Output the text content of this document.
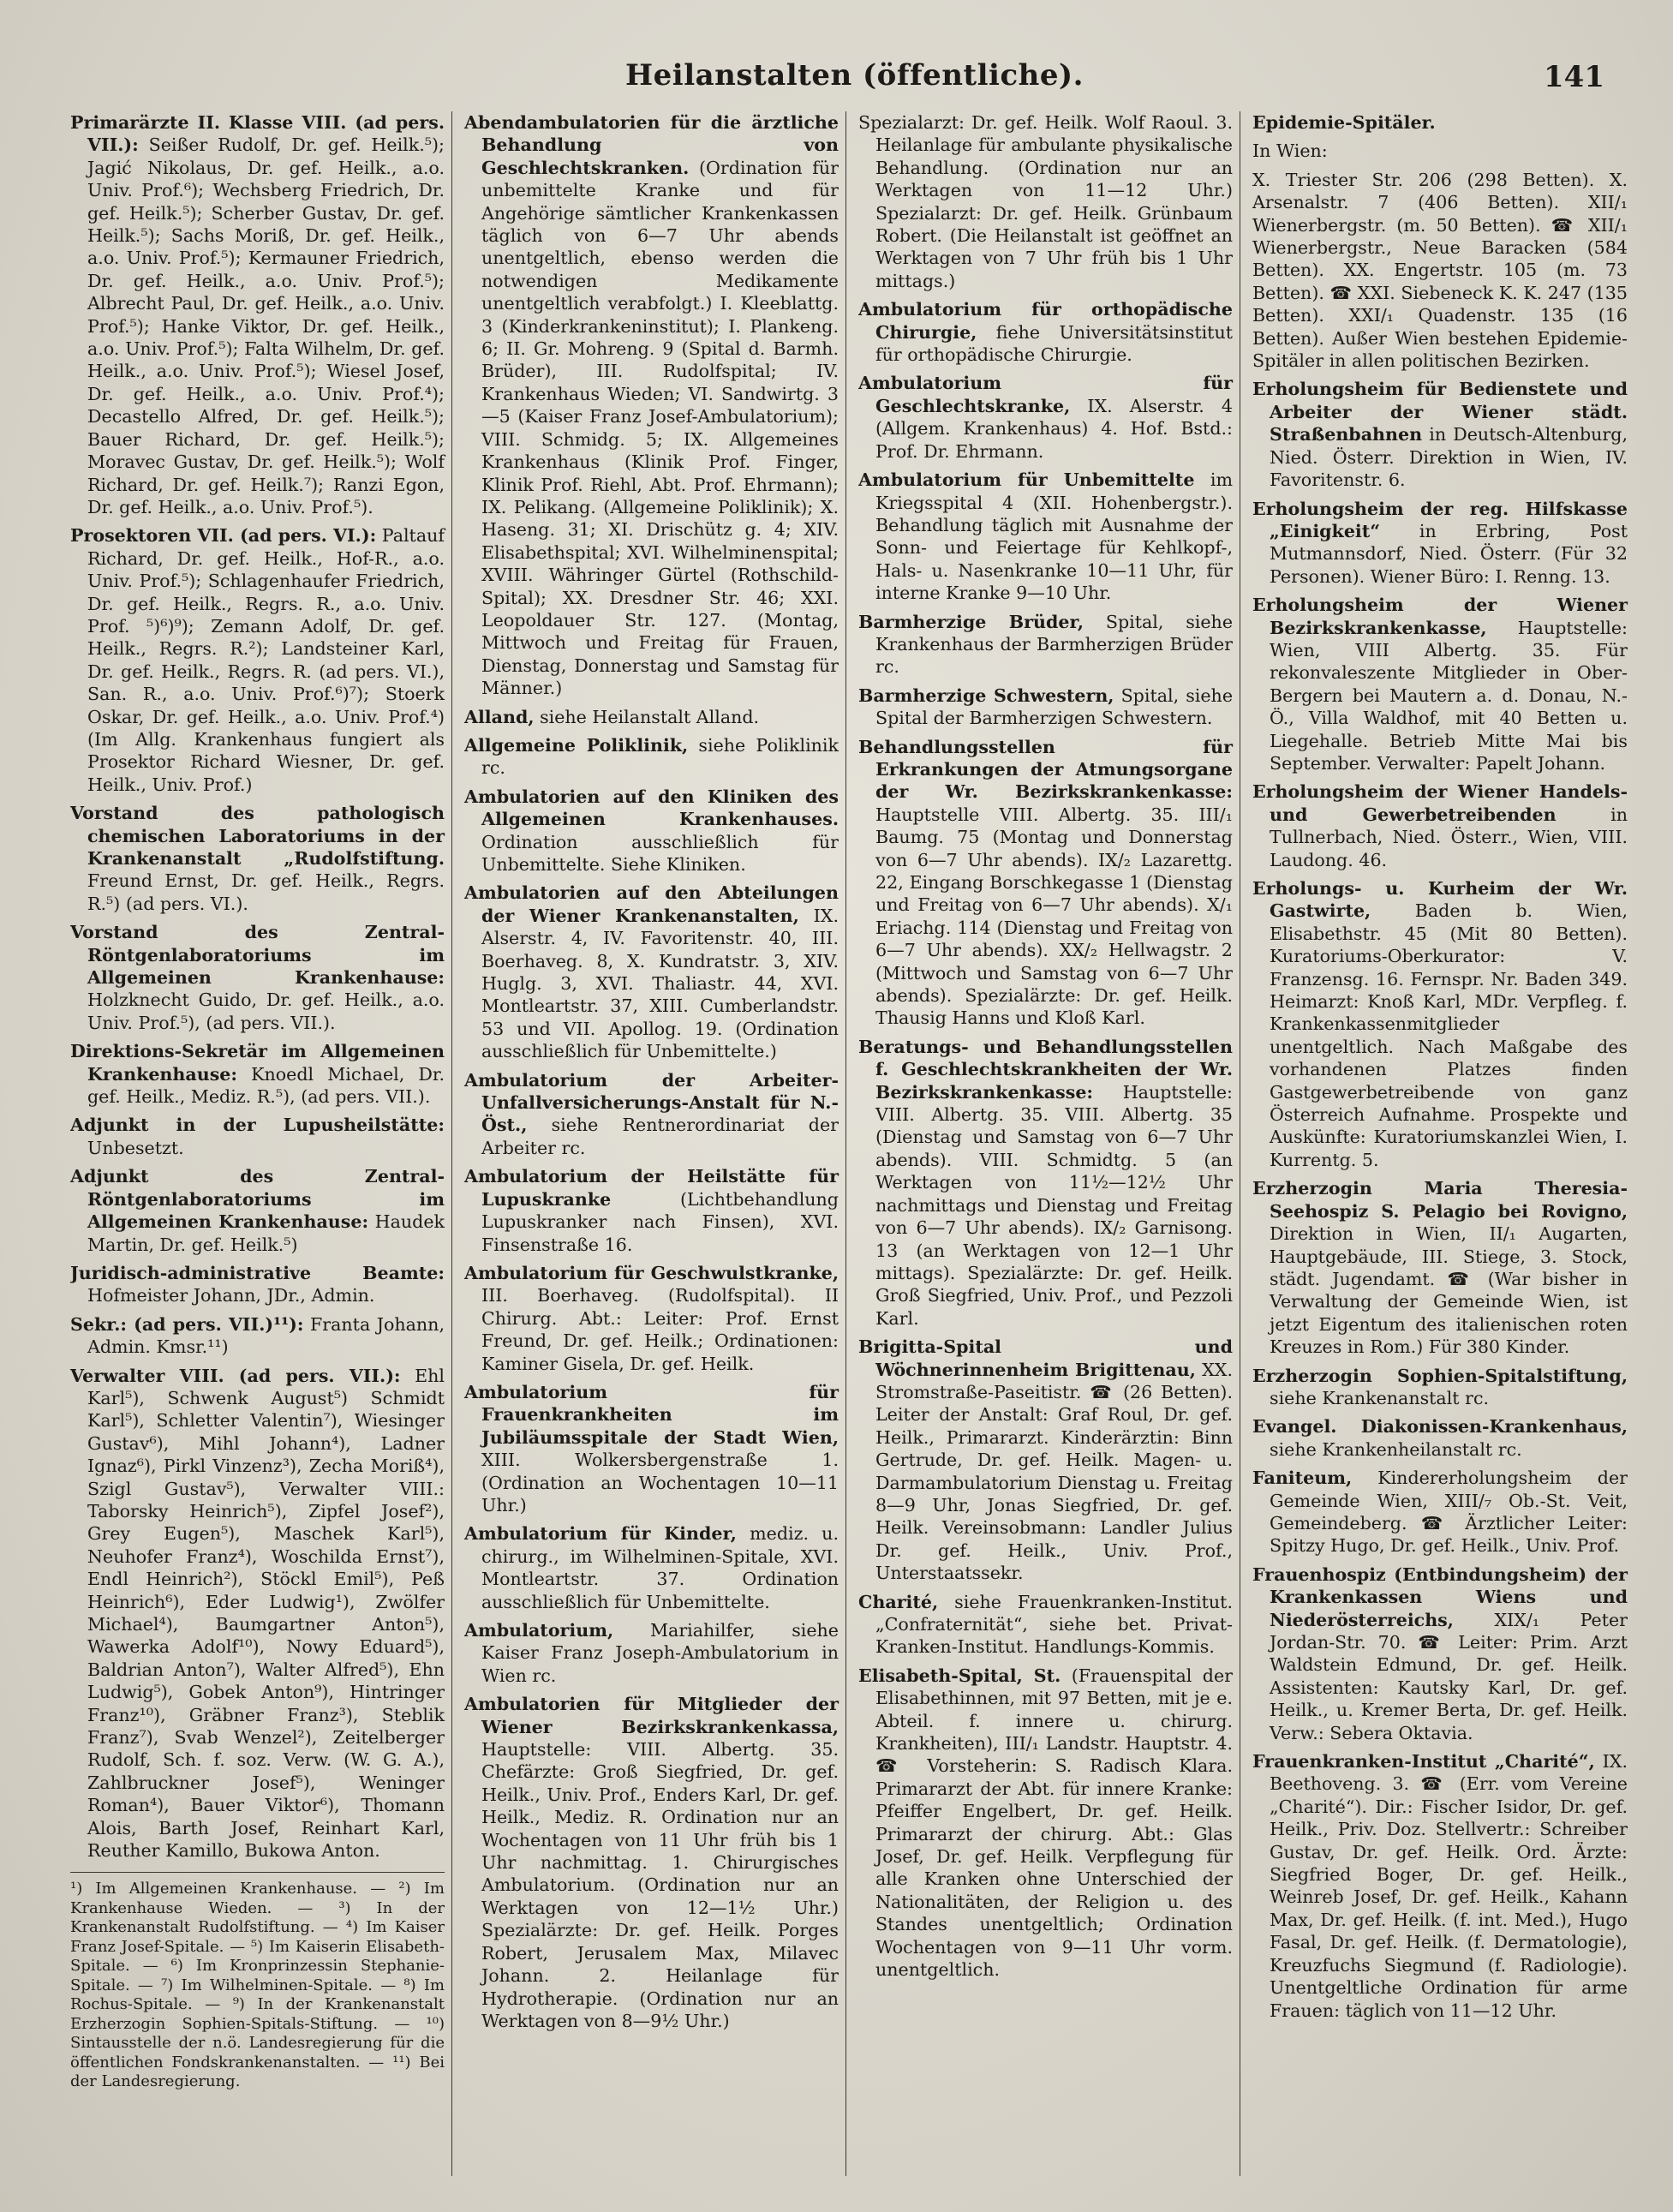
Heilanstalten (öffentliche).	141
Primarärzte II. Klasse VIII. (ad pers. VII.): Seißer Rudolf, Dr. gef. Heilk.⁵); Jagić Nikolaus, Dr. gef. Heilk., a.o. Univ. Prof.⁶); Wechsberg Friedrich, Dr. gef. Heilk.⁵); Scherber Gustav, Dr. gef. Heilk.⁵); Sachs Moriß, Dr. gef. Heilk., a.o. Univ. Prof.⁵); Kermauner Friedrich, Dr. gef. Heilk., a.o. Univ. Prof.⁵); Albrecht Paul, Dr. gef. Heilk., a.o. Univ. Prof.⁵); Hanke Viktor, Dr. gef. Heilk., a.o. Univ. Prof.⁵); Falta Wilhelm, Dr. gef. Heilk., a.o. Univ. Prof.⁵); Wiesel Josef, Dr. gef. Heilk., a.o. Univ. Prof.⁴); Decastello Alfred, Dr. gef. Heilk.⁵); Bauer Richard, Dr. gef. Heilk.⁵); Moravec Gustav, Dr. gef. Heilk.⁵); Wolf Richard, Dr. gef. Heilk.⁷); Ranzi Egon, Dr. gef. Heilk., a.o. Univ. Prof.⁵).
Prosektoren VII. (ad pers. VI.): Paltauf Richard, Dr. gef. Heilk., Hof-R., a.o. Univ. Prof.⁵); Schlagenhaufer Friedrich, Dr. gef. Heilk., Regrs. R., a.o. Univ. Prof. ⁵)⁶)⁹); Zemann Adolf, Dr. gef. Heilk., Regrs. R.²); Landsteiner Karl, Dr. gef. Heilk., Regrs. R. (ad pers. VI.), San. R., a.o. Univ. Prof.⁶)⁷); Stoerk Oskar, Dr. gef. Heilk., a.o. Univ. Prof.⁴) (Im Allg. Krankenhaus fungiert als Prosektor Richard Wiesner, Dr. gef. Heilk., Univ. Prof.)
Vorstand des pathologisch chemischen Laboratoriums in der Krankenanstalt „Rudolfstiftung. Freund Ernst, Dr. gef. Heilk., Regrs. R.⁵) (ad pers. VI.).
Vorstand des Zentral-Röntgenlaboratoriums im Allgemeinen Krankenhause: Holzknecht Guido, Dr. gef. Heilk., a.o. Univ. Prof.⁵), (ad pers. VII.).
Direktions-Sekretär im Allgemeinen Krankenhause: Knoedl Michael, Dr. gef. Heilk., Mediz. R.⁵), (ad pers. VII.).
Adjunkt in der Lupusheilstätte: Unbesetzt.
Adjunkt des Zentral-Röntgenlaboratoriums im Allgemeinen Krankenhause: Haudek Martin, Dr. gef. Heilk.⁵)
Juridisch-administrative Beamte: Hofmeister Johann, JDr., Admin.
Sekr.: (ad pers. VII.)¹¹): Franta Johann, Admin. Kmsr.¹¹)
Verwalter VIII. (ad pers. VII.): Ehl Karl⁵), Schwenk August⁵) Schmidt Karl⁵), Schletter Valentin⁷), Wiesinger Gustav⁶), Mihl Johann⁴), Ladner Ignaz⁶), Pirkl Vinzenz³), Zecha Moriß⁴), Szigl Gustav⁵), Verwalter VIII.: Taborsky Heinrich⁵), Zipfel Josef²), Grey Eugen⁵), Maschek Karl⁵), Neuhofer Franz⁴), Woschilda Ernst⁷), Endl Heinrich²), Stöckl Emil⁵), Peß Heinrich⁶), Eder Ludwig¹), Zwölfer Michael⁴), Baumgartner Anton⁵), Wawerka Adolf¹⁰), Nowy Eduard⁵), Baldrian Anton⁷), Walter Alfred⁵), Ehn Ludwig⁵), Gobek Anton⁹), Hintringer Franz¹⁰), Gräbner Franz³), Steblik Franz⁷), Svab Wenzel²), Zeitelberger Rudolf, Sch. f. soz. Verw. (W. G. A.), Zahlbruckner Josef⁵), Weninger Roman⁴), Bauer Viktor⁶), Thomann Alois, Barth Josef, Reinhart Karl, Reuther Kamillo, Bukowa Anton.

¹) Im Allgemeinen Krankenhause. — ²) Im Krankenhause Wieden. — ³) In der Krankenanstalt Rudolfstiftung. — ⁴) Im Kaiser Franz Josef-Spitale. — ⁵) Im Kaiserin Elisabeth-Spitale. — ⁶) Im Kronprinzessin Stephanie-Spitale. — ⁷) Im Wilhelminen-Spitale. — ⁸) Im Rochus-Spitale. — ⁹) In der Krankenanstalt Erzherzogin Sophien-Spitals-Stiftung. — ¹⁰) Sintausstelle der n.ö. Landesregierung für die öffentlichen Fondskrankenanstalten. — ¹¹) Bei der Landesregierung.

Abendambulatorien für die ärztliche Behandlung von Geschlechtskranken. (Ordination für unbemittelte Kranke und für Angehörige sämtlicher Krankenkassen täglich von 6—7 Uhr abends unentgeltlich, ebenso werden die notwendigen Medikamente unentgeltlich verabfolgt.) I. Kleeblattg. 3 (Kinderkrankeninstitut); I. Plankeng. 6; II. Gr. Mohreng. 9 (Spital d. Barmh. Brüder), III. Rudolfspital; IV. Krankenhaus Wieden; VI. Sandwirtg. 3—5 (Kaiser Franz Josef-Ambulatorium); VIII. Schmidg. 5; IX. Allgemeines Krankenhaus (Klinik Prof. Finger, Klinik Prof. Riehl, Abt. Prof. Ehrmann); IX. Pelikang. (Allgemeine Poliklinik); X. Haseng. 31; XI. Drischütz g. 4; XIV. Elisabethspital; XVI. Wilhelminenspital; XVIII. Währinger Gürtel (Rothschild-Spital); XX. Dresdner Str. 46; XXI. Leopoldauer Str. 127. (Montag, Mittwoch und Freitag für Frauen, Dienstag, Donnerstag und Samstag für Männer.)
Alland, siehe Heilanstalt Alland.
Allgemeine Poliklinik, siehe Poliklinik rc.
Ambulatorien auf den Kliniken des Allgemeinen Krankenhauses. Ordination ausschließlich für Unbemittelte. Siehe Kliniken.
Ambulatorien auf den Abteilungen der Wiener Krankenanstalten, IX. Alserstr. 4, IV. Favoritenstr. 40, III. Boerhaveg. 8, X. Kundratstr. 3, XIV. Huglg. 3, XVI. Thaliastr. 44, XVI. Montleartstr. 37, XIII. Cumberlandstr. 53 und VII. Apollog. 19. (Ordination ausschließlich für Unbemittelte.)
Ambulatorium der Arbeiter-Unfallversicherungs-Anstalt für N.-Öst., siehe Rentnerordinariat der Arbeiter rc.
Ambulatorium der Heilstätte für Lupuskranke	(Lichtbehandlung Lupuskranker nach Finsen), XVI. Finsenstraße 16.
Ambulatorium für Geschwulstkranke, III. Boerhaveg. (Rudolfspital). II Chirurg. Abt.: Leiter: Prof. Ernst Freund, Dr. gef. Heilk.; Ordinationen: Kaminer Gisela, Dr. gef. Heilk.
Ambulatorium für Frauenkrankheiten im Jubiläumsspitale der Stadt Wien, XIII. Wolkersbergenstraße 1. (Ordination an Wochentagen 10—11 Uhr.)
Ambulatorium für Kinder, mediz. u. chirurg., im Wilhelminen-Spitale, XVI. Montleartstr. 37. Ordination ausschließlich für Unbemittelte.
Ambulatorium, Mariahilfer, siehe Kaiser Franz Joseph-Ambulatorium in Wien rc.
Ambulatorien für Mitglieder der Wiener Bezirkskrankenkassa, Hauptstelle: VIII. Albertg. 35. Chefärzte: Groß Siegfried, Dr. gef. Heilk., Univ. Prof., Enders Karl, Dr. gef. Heilk., Mediz. R. Ordination nur an Wochentagen von 11 Uhr früh bis 1 Uhr nachmittag. 1. Chirurgisches Ambulatorium. (Ordination nur an Werktagen von 12—1½ Uhr.) Spezialärzte: Dr. gef. Heilk. Porges Robert, Jerusalem Max, Milavec Johann. 2. Heilanlage für Hydrotherapie. (Ordination nur an Werktagen von 8—9½ Uhr.)
Spezialarzt: Dr. gef. Heilk. Wolf Raoul. 3. Heilanlage für ambulante physikalische Behandlung. (Ordination nur an Werktagen von 11—12 Uhr.) Spezialarzt: Dr. gef. Heilk. Grünbaum Robert. (Die Heilanstalt ist geöffnet an Werktagen von 7 Uhr früh bis 1 Uhr mittags.)
Ambulatorium für orthopädische Chirurgie, fiehe Universitätsinstitut für orthopädische Chirurgie.
Ambulatorium für Geschlechtskranke, IX. Alserstr. 4 (Allgem. Krankenhaus) 4. Hof. Bstd.: Prof. Dr. Ehrmann.
Ambulatorium für Unbemittelte im Kriegsspital 4 (XII. Hohenbergstr.). Behandlung täglich mit Ausnahme der Sonn- und Feiertage für Kehlkopf-, Hals- u. Nasenkranke 10—11 Uhr, für interne Kranke 9—10 Uhr.
Barmherzige Brüder, Spital, siehe Krankenhaus der Barmherzigen Brüder rc.
Barmherzige Schwestern, Spital, siehe Spital der Barmherzigen Schwestern.
Behandlungsstellen für Erkrankungen der Atmungsorgane der Wr. Bezirkskrankenkasse: Hauptstelle VIII. Albertg. 35. III/₁ Baumg. 75 (Montag und Donnerstag von 6—7 Uhr abends). IX/₂ Lazarettg. 22, Eingang Borschkegasse 1 (Dienstag und Freitag von 6—7 Uhr abends). X/₁ Eriachg. 114 (Dienstag und Freitag von 6—7 Uhr abends). XX/₂ Hellwagstr. 2 (Mittwoch und Samstag von 6—7 Uhr abends). Spezialärzte: Dr. gef. Heilk. Thausig Hanns und Kloß Karl.
Beratungs- und Behandlungsstellen f. Geschlechtskrankheiten der Wr. Bezirkskrankenkasse: Hauptstelle: VIII. Albertg. 35. VIII. Albertg. 35 (Dienstag und Samstag von 6—7 Uhr abends). VIII. Schmidtg. 5 (an Werktagen von 11½—12½ Uhr nachmittags und Dienstag und Freitag von 6—7 Uhr abends). IX/₂ Garnisong. 13 (an Werktagen von 12—1 Uhr mittags). Spezialärzte: Dr. gef. Heilk. Groß Siegfried, Univ. Prof., und Pezzoli Karl.
Brigitta-Spital und Wöchnerinnenheim Brigittenau, XX. Stromstraße-Paseitistr. ☎ (26 Betten). Leiter der Anstalt: Graf Roul, Dr. gef. Heilk., Primararzt. Kinderärztin: Binn Gertrude, Dr. gef. Heilk. Magen- u. Darmambulatorium Dienstag u. Freitag 8—9 Uhr, Jonas Siegfried, Dr. gef. Heilk. Vereinsobmann: Landler Julius Dr. gef. Heilk., Univ. Prof., Unterstaatssekr.
Charité, siehe Frauenkranken-Institut. „Confraternität“, siehe bet. Privat-Kranken-Institut. Handlungs-Kommis.
Elisabeth-Spital, St. (Frauenspital der Elisabethinnen, mit 97 Betten, mit je e. Abteil. f. innere u. chirurg. Krankheiten), III/₁ Landstr. Hauptstr. 4. ☎ Vorsteherin: S. Radisch Klara. Primararzt der Abt. für innere Kranke: Pfeiffer Engelbert, Dr. gef. Heilk. Primararzt der chirurg. Abt.: Glas Josef, Dr. gef. Heilk. Verpflegung für alle Kranken ohne Unterschied der Nationalitäten, der Religion u. des Standes unentgeltlich; Ordination Wochentagen von 9—11 Uhr vorm. unentgeltlich.
Epidemie-Spitäler.
In Wien:
X. Triester Str. 206 (298 Betten). X. Arsenalstr. 7 (406 Betten). XII/₁ Wienerbergstr. (m. 50 Betten). ☎ XII/₁ Wienerbergstr., Neue Baracken (584 Betten). XX. Engertstr. 105 (m. 73 Betten). ☎ XXI. Siebeneck K. K. 247 (135 Betten). XXI/₁ Quadenstr. 135 (16 Betten). Außer Wien bestehen Epidemie-Spitäler in allen politischen Bezirken.
Erholungsheim für Bedienstete und Arbeiter der Wiener städt. Straßenbahnen in Deutsch-Altenburg, Nied. Österr. Direktion in Wien, IV. Favoritenstr. 6.
Erholungsheim der reg. Hilfskasse „Einigkeit“ in Erbring, Post Mutmannsdorf, Nied. Österr. (Für 32 Personen). Wiener Büro: I. Renng. 13.
Erholungsheim der Wiener Bezirkskrankenkasse, Hauptstelle: Wien, VIII Albertg. 35. Für rekonvaleszente Mitglieder in Ober-Bergern bei Mautern a. d. Donau, N.-Ö., Villa Waldhof, mit 40 Betten u. Liegehalle. Betrieb Mitte Mai bis September. Verwalter: Papelt Johann.
Erholungsheim der Wiener Handels- und Gewerbetreibenden	in Tullnerbach, Nied. Österr., Wien, VIII. Laudong. 46.
Erholungs- u. Kurheim der Wr. Gastwirte,	Baden b. Wien, Elisabethstr. 45 (Mit 80 Betten). Kuratoriums-Oberkurator: V. Franzensg. 16. Fernspr. Nr. Baden 349. Heimarzt: Knoß Karl, MDr. Verpfleg. f. Krankenkassenmitglieder unentgeltlich. Nach Maßgabe des vorhandenen Platzes finden Gastgewerbetreibende von ganz Österreich Aufnahme. Prospekte und Auskünfte: Kuratoriumskanzlei Wien, I. Kurrentg. 5.
Erzherzogin Maria Theresia-Seehospiz S. Pelagio bei Rovigno, Direktion in Wien, II/₁ Augarten, Hauptgebäude, III. Stiege, 3. Stock, städt. Jugendamt. ☎ (War bisher in Verwaltung der Gemeinde Wien, ist jetzt Eigentum des italienischen roten Kreuzes in Rom.) Für 380 Kinder.
Erzherzogin Sophien-Spitalstiftung, siehe Krankenanstalt rc.
Evangel. Diakonissen-Krankenhaus, siehe Krankenheilanstalt rc.
Faniteum, Kindererholungsheim der Gemeinde Wien, XIII/₇ Ob.-St. Veit, Gemeindeberg. ☎ Ärztlicher Leiter: Spitzy Hugo, Dr. gef. Heilk., Univ. Prof.
Frauenhospiz (Entbindungsheim) der Krankenkassen Wiens und Niederösterreichs, XIX/₁ Peter Jordan-Str. 70. ☎ Leiter: Prim. Arzt Waldstein Edmund, Dr. gef. Heilk. Assistenten: Kautsky Karl, Dr. gef. Heilk., u. Kremer Berta, Dr. gef. Heilk. Verw.: Sebera Oktavia.
Frauenkranken-Institut „Charité“, IX. Beethoveng. 3. ☎ (Err. vom Vereine „Charité“). Dir.: Fischer Isidor, Dr. gef. Heilk., Priv. Doz. Stellvertr.: Schreiber Gustav, Dr. gef. Heilk. Ord. Ärzte: Siegfried Boger, Dr. gef. Heilk., Weinreb Josef, Dr. gef. Heilk., Kahann Max, Dr. gef. Heilk. (f. int. Med.), Hugo Fasal, Dr. gef. Heilk. (f. Dermatologie), Kreuzfuchs Siegmund (f. Radiologie). Unentgeltliche Ordination für arme Frauen: täglich von 11—12 Uhr.
